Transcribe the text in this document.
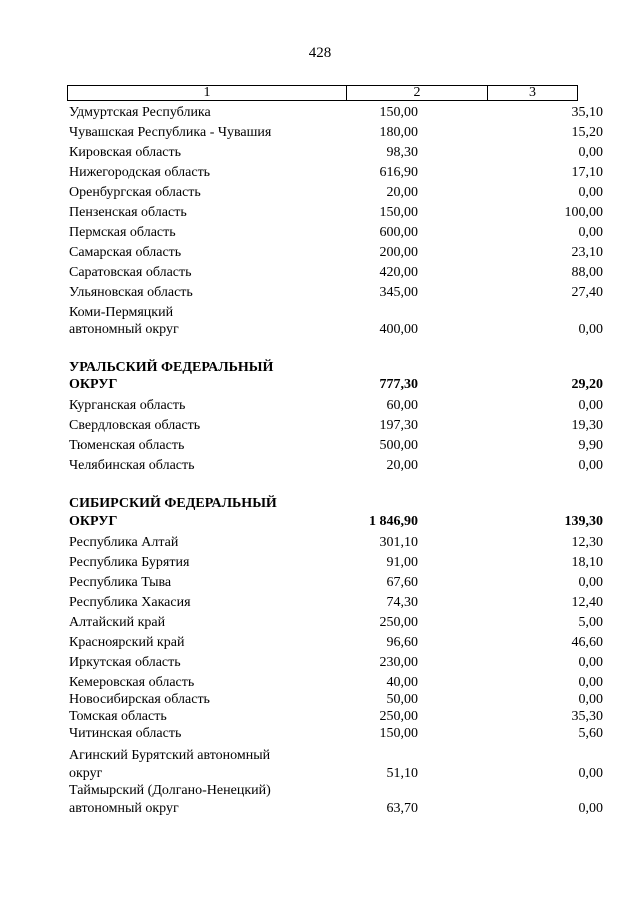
428
1	2	3
Удмуртская Республика	150,00	35,10
Чувашская Республика - Чувашия	180,00	15,20
Кировская область	98,30	0,00
Нижегородская область	616,90	17,10
Оренбургская область	20,00	0,00
Пензенская область	150,00	100,00
Пермская область	600,00	0,00
Самарская область	200,00	23,10
Саратовская область	420,00	88,00
Ульяновская область	345,00	27,40
Коми-Пермяцкий
автономный округ	400,00	0,00
УРАЛЬСКИЙ ФЕДЕРАЛЬНЫЙ
ОКРУГ	777,30	29,20
Курганская область	60,00	0,00
Свердловская область	197,30	19,30
Тюменская область	500,00	9,90
Челябинская область	20,00	0,00
СИБИРСКИЙ ФЕДЕРАЛЬНЫЙ
ОКРУГ	1 846,90	139,30
Республика Алтай	301,10	12,30
Республика Бурятия	91,00	18,10
Республика Тыва	67,60	0,00
Республика Хакасия	74,30	12,40
Алтайский край	250,00	5,00
Красноярский край	96,60	46,60
Иркутская область	230,00	0,00
Кемеровская область	40,00	0,00
Новосибирская область	50,00	0,00
Томская область	250,00	35,30
Читинская область	150,00	5,60
Агинский Бурятский автономный
округ	51,10	0,00
Таймырский (Долгано-Ненецкий)
автономный округ	63,70	0,00
